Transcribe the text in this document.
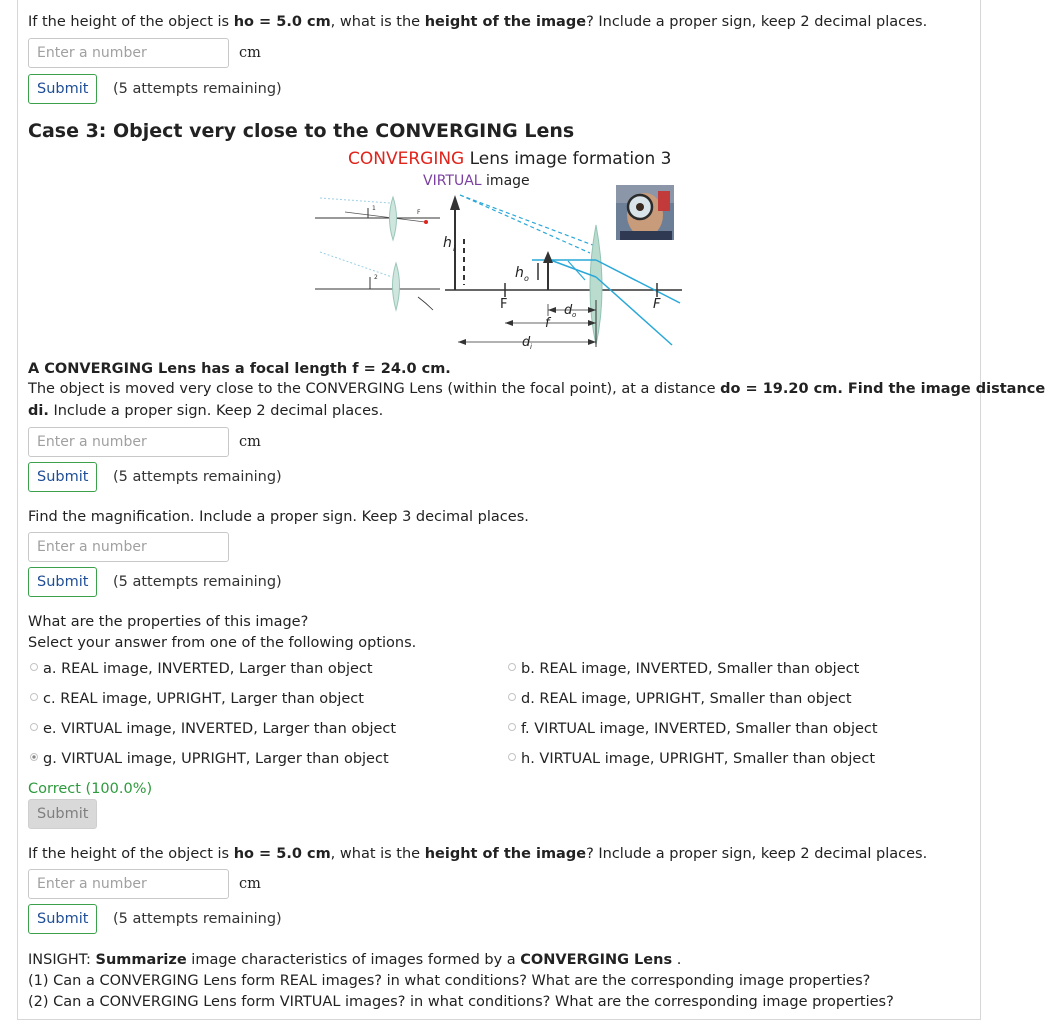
If the height of the object is ho = 5.0 cm, what is the height of the image? Include a proper sign, keep 2 decimal places.
Enter a number
cm
Submit	(5 attempts remaining)
Case 3: Object very close to the CONVERGING Lens
CONVERGING Lens image formation 3
VIRTUAL image
F
1
2
h i
h o
F	F
d o
f
d i
A CONVERGING Lens has a focal length f = 24.0 cm.
The object is moved very close to the CONVERGING Lens (within the focal point), at a distance do = 19.20 cm. Find the image distance
di. Include a proper sign. Keep 2 decimal places.
Enter a number
cm
Submit	(5 attempts remaining)
Find the magnification. Include a proper sign. Keep 3 decimal places.
Enter a number
Submit	(5 attempts remaining)
What are the properties of this image?
Select your answer from one of the following options.
a. REAL image, INVERTED, Larger than object	b. REAL image, INVERTED, Smaller than object
c. REAL image, UPRIGHT, Larger than object	d. REAL image, UPRIGHT, Smaller than object
e. VIRTUAL image, INVERTED, Larger than object	f. VIRTUAL image, INVERTED, Smaller than object
g. VIRTUAL image, UPRIGHT, Larger than object	h. VIRTUAL image, UPRIGHT, Smaller than object
Correct (100.0%)
Submit
If the height of the object is ho = 5.0 cm, what is the height of the image? Include a proper sign, keep 2 decimal places.
Enter a number
cm
Submit	(5 attempts remaining)
INSIGHT: Summarize image characteristics of images formed by a CONVERGING Lens .
(1) Can a CONVERGING Lens form REAL images? in what conditions? What are the corresponding image properties?
(2) Can a CONVERGING Lens form VIRTUAL images? in what conditions? What are the corresponding image properties?
